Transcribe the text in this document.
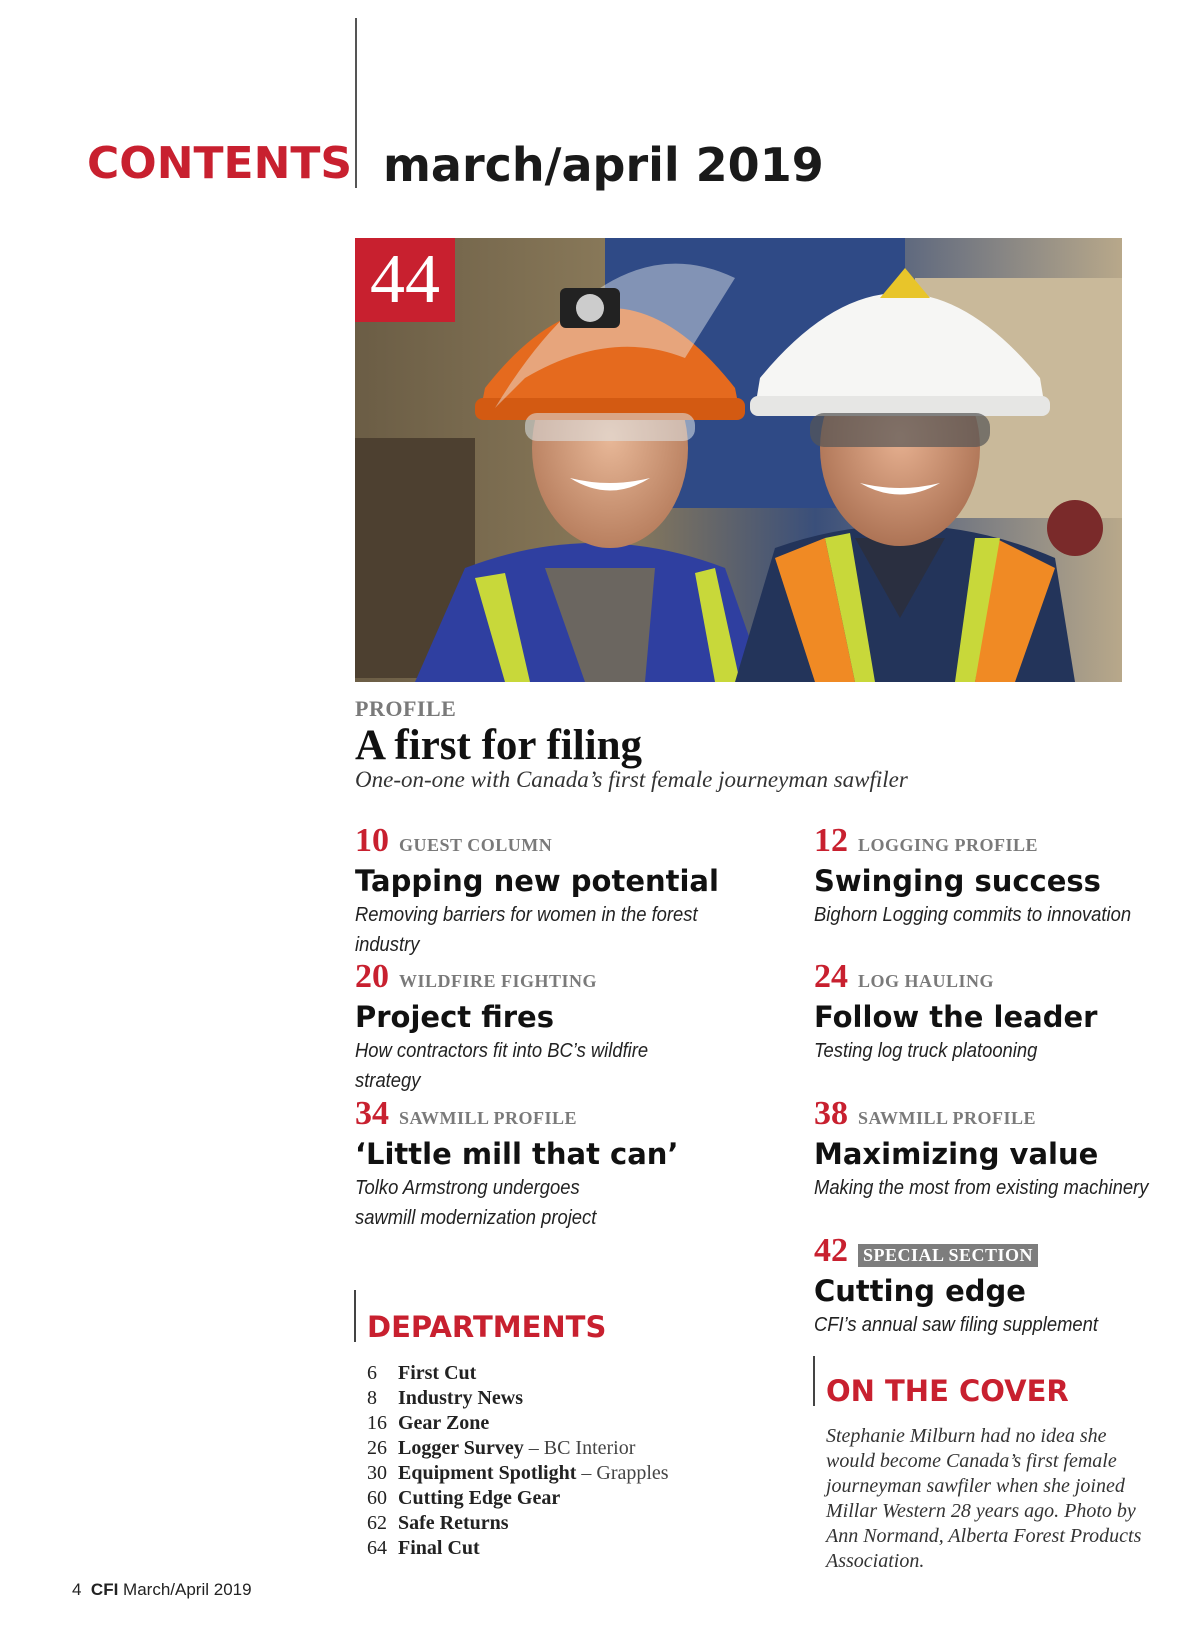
CONTENTS march/april 2019
44
PROFILE
A first for filing
One-on-one with Canada’s first female journeyman sawfiler
10 GUEST COLUMN
Tapping new potential
Removing barriers for women in the forest industry
12 LOGGING PROFILE
Swinging success
Bighorn Logging commits to innovation
20 WILDFIRE FIGHTING
Project fires
How contractors fit into BC’s wildfire strategy
24 LOG HAULING
Follow the leader
Testing log truck platooning
34 SAWMILL PROFILE
‘Little mill that can’
Tolko Armstrong undergoes sawmill modernization project
38 SAWMILL PROFILE
Maximizing value
Making the most from existing machinery
42 SPECIAL SECTION
Cutting edge
CFI’s annual saw filing supplement
DEPARTMENTS
6 First Cut
8 Industry News
16 Gear Zone
26 Logger Survey – BC Interior
30 Equipment Spotlight – Grapples
60 Cutting Edge Gear
62 Safe Returns
64 Final Cut
ON THE COVER
Stephanie Milburn had no idea she would become Canada’s first female journeyman sawfiler when she joined Millar Western 28 years ago. Photo by Ann Normand, Alberta Forest Products Association.
4 CFI March/April 2019
